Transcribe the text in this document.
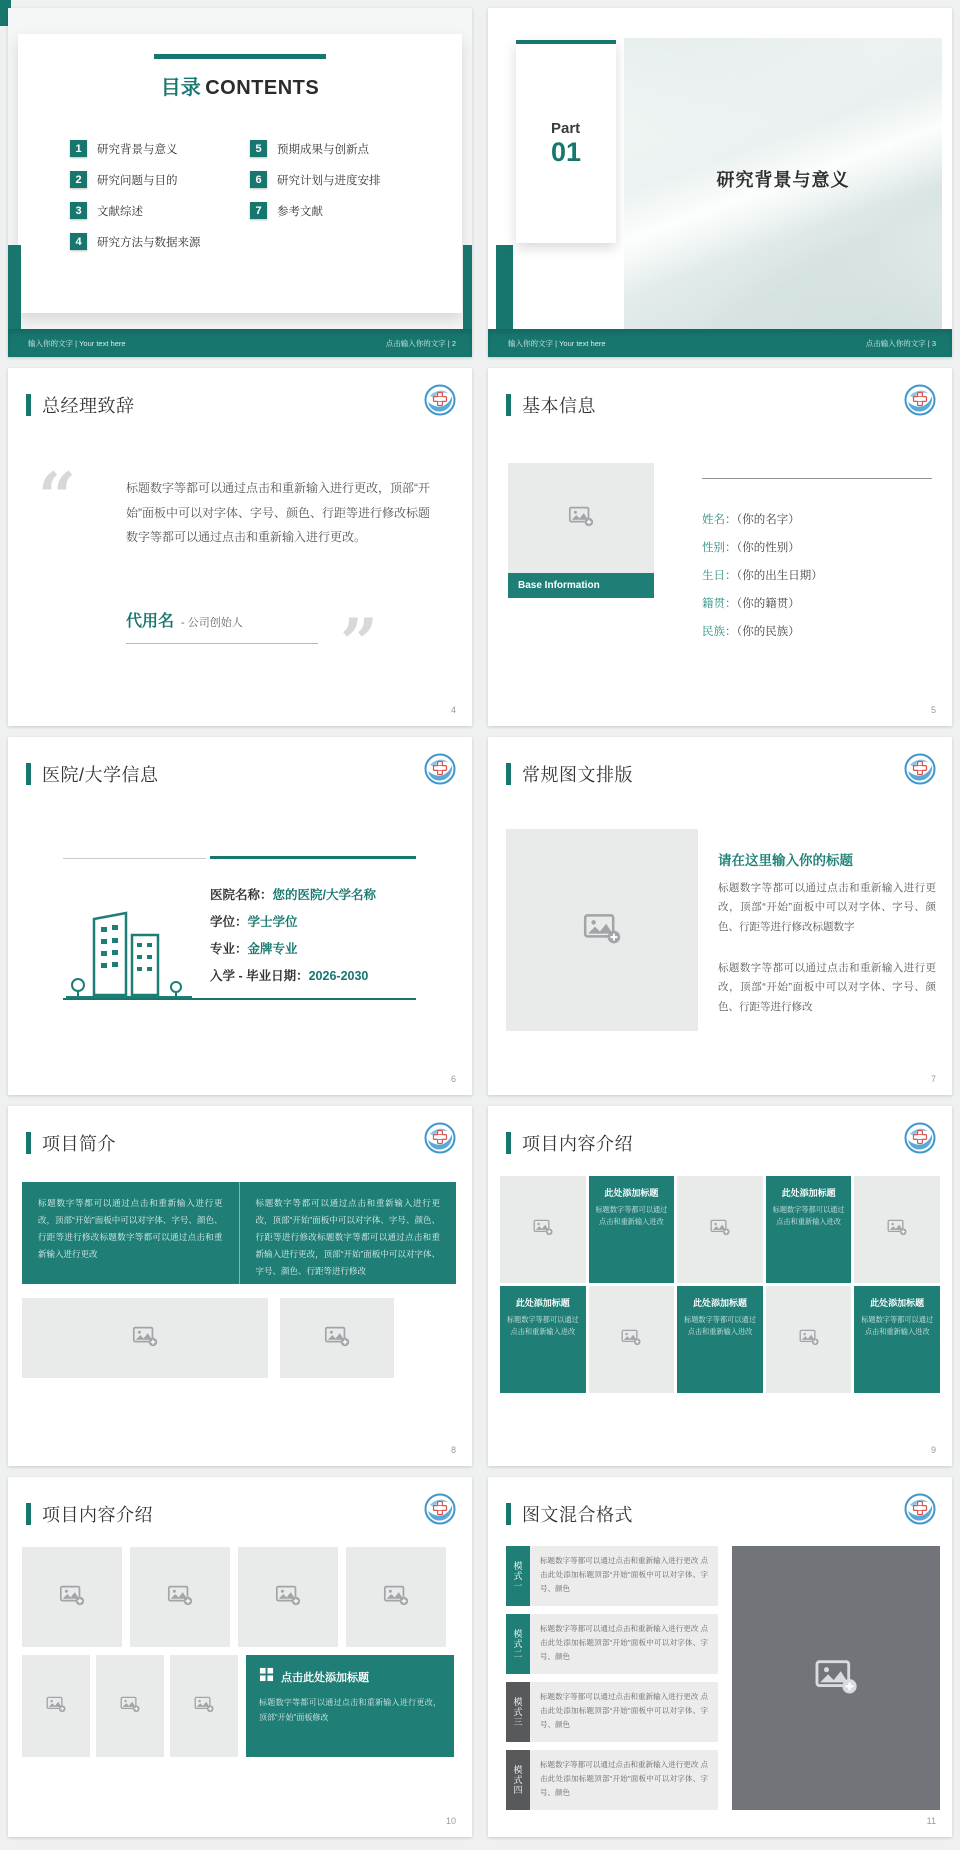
目录 CONTENTS
1	研究背景与意义
2	研究问题与目的
3	文献综述
4	研究方法与数据来源
5	预期成果与创新点
6	研究计划与进度安排
7	参考文献
输入你的文字 | Your text here	点击输入你的文字 | 2
Part
01
研究背景与意义
输入你的文字 | Your text here	点击输入你的文字 | 3
总经理致辞
“	标题数字等都可以通过点击和重新输入进行更改，顶部“开始”面板中可以对字体、字号、颜色、行距等进行修改标题数字等都可以通过点击和重新输入进行更改。
代用名 - 公司创始人 ”
4
基本信息
Base Information
姓名：（你的名字）
性别：（你的性别）
生日：（你的出生日期）
籍贯：（你的籍贯）
民族：（你的民族）
5
医院/大学信息
医院名称：您的医院/大学名称
学位：学士学位
专业：金牌专业
入学 - 毕业日期：2026-2030
6
常规图文排版
请在这里输入你的标题
标题数字等都可以通过点击和重新输入进行更改，顶部“开始”面板中可以对字体、字号、颜色、行距等进行修改标题数字
标题数字等都可以通过点击和重新输入进行更改，顶部“开始”面板中可以对字体、字号、颜色、行距等进行修改
7
项目简介
标题数字等都可以通过点击和重新输入进行更改，顶部“开始”面板中可以对字体、字号、颜色、行距等进行修改标题数字等都可以通过点击和重新输入进行更改
标题数字等都可以通过点击和重新输入进行更改，顶部“开始”面板中可以对字体、字号、颜色、行距等进行修改标题数字等都可以通过点击和重新输入进行更改，顶部“开始”面板中可以对字体、字号、颜色、行距等进行修改
8
项目内容介绍
此处添加标题
标题数字等都可以通过点击和重新输入进改
此处添加标题
标题数字等都可以通过点击和重新输入进改
此处添加标题
标题数字等都可以通过点击和重新输入进改
此处添加标题
标题数字等都可以通过点击和重新输入进改
此处添加标题
标题数字等都可以通过点击和重新输入进改
9
项目内容介绍
点击此处添加标题
标题数字等都可以通过点击和重新输入进行更改，顶部“开始”面板修改
10
图文混合格式
模式一
标题数字等都可以通过点击和重新输入进行更改 点击此处添加标题顶部“开始”面板中可以对字体、字号、颜色
模式二
标题数字等都可以通过点击和重新输入进行更改 点击此处添加标题顶部“开始”面板中可以对字体、字号、颜色
模式三
标题数字等都可以通过点击和重新输入进行更改 点击此处添加标题顶部“开始”面板中可以对字体、字号、颜色
模式四
标题数字等都可以通过点击和重新输入进行更改 点击此处添加标题顶部“开始”面板中可以对字体、字号、颜色
11
